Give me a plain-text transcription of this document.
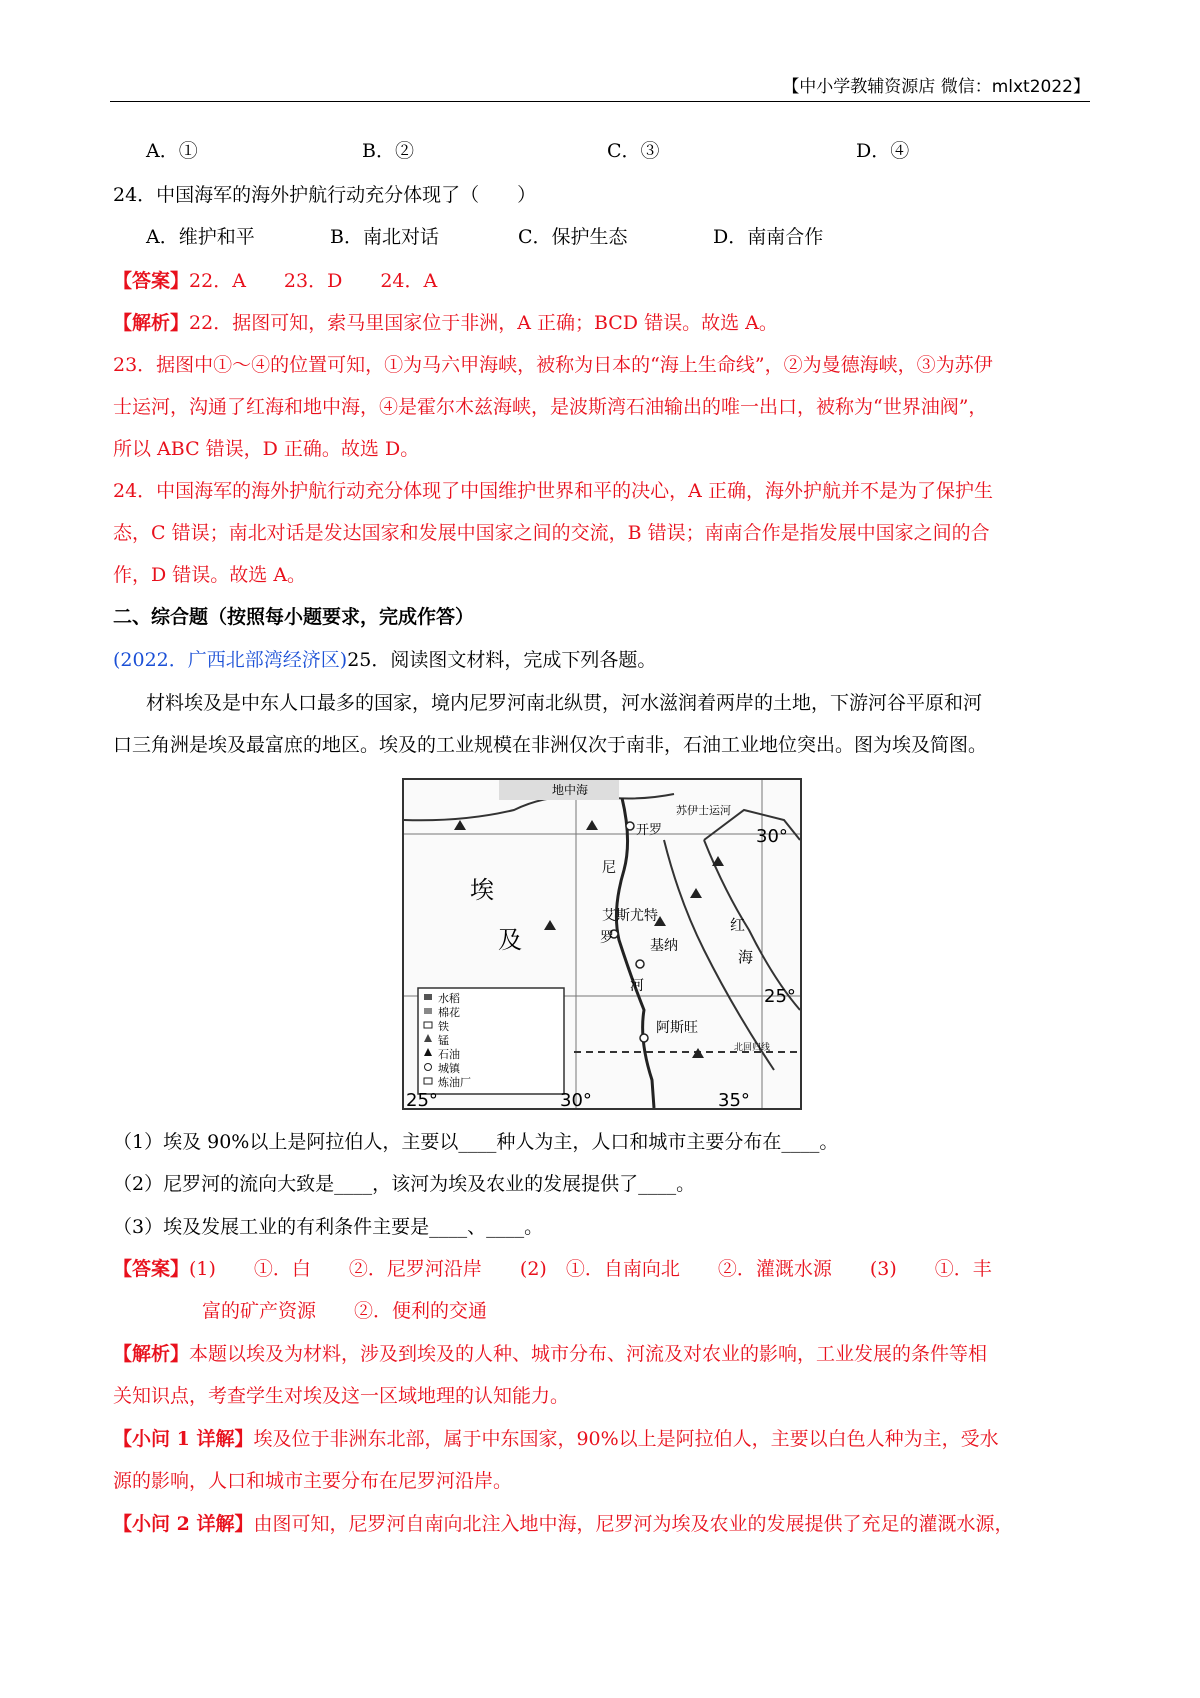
【中小学教辅资源店 微信：mlxt2022】
A．①	B．②	C．③	D．④
24．中国海军的海外护航行动充分体现了（　　）
A．维护和平	B．南北对话	C．保护生态	D．南南合作
【答案】22．A　　23．D　　24．A
【解析】22．据图可知，索马里国家位于非洲，A 正确；BCD 错误。故选 A。
23．据图中①～④的位置可知，①为马六甲海峡，被称为日本的“海上生命线”，②为曼德海峡，③为苏伊
士运河，沟通了红海和地中海，④是霍尔木兹海峡，是波斯湾石油输出的唯一出口，被称为“世界油阀”，
所以 ABC 错误，D 正确。故选 D。
24．中国海军的海外护航行动充分体现了中国维护世界和平的决心，A 正确，海外护航并不是为了保护生
态，C 错误；南北对话是发达国家和发展中国家之间的交流，B 错误；南南合作是指发展中国家之间的合
作，D 错误。故选 A。
二、综合题（按照每小题要求，完成作答）
(2022．广西北部湾经济区)25．阅读图文材料，完成下列各题。
材料埃及是中东人口最多的国家，境内尼罗河南北纵贯，河水滋润着两岸的土地，下游河谷平原和河
口三角洲是埃及最富庶的地区。埃及的工业规模在非洲仅次于南非，石油工业地位突出。图为埃及简图。
地中海
苏伊士运河
开罗
尼
罗
河
艾斯尤特
基纳
阿斯旺
红
海
埃
及
30°
25°
25°	30°	35°
北回归线
水稻
棉花
铁
锰
石油
城镇
炼油厂
（1）埃及 90%以上是阿拉伯人，主要以____种人为主，人口和城市主要分布在____。
（2）尼罗河的流向大致是____，该河为埃及农业的发展提供了____。
（3）埃及发展工业的有利条件主要是____、____。
【答案】(1)　　①．白　　②．尼罗河沿岸　　(2)　①．自南向北　　②．灌溉水源　　(3)　　①．丰
富的矿产资源　　②．便利的交通
【解析】本题以埃及为材料，涉及到埃及的人种、城市分布、河流及对农业的影响，工业发展的条件等相
关知识点，考查学生对埃及这一区域地理的认知能力。
【小问 1 详解】埃及位于非洲东北部，属于中东国家，90%以上是阿拉伯人，主要以白色人种为主，受水
源的影响，人口和城市主要分布在尼罗河沿岸。
【小问 2 详解】由图可知，尼罗河自南向北注入地中海，尼罗河为埃及农业的发展提供了充足的灌溉水源，
